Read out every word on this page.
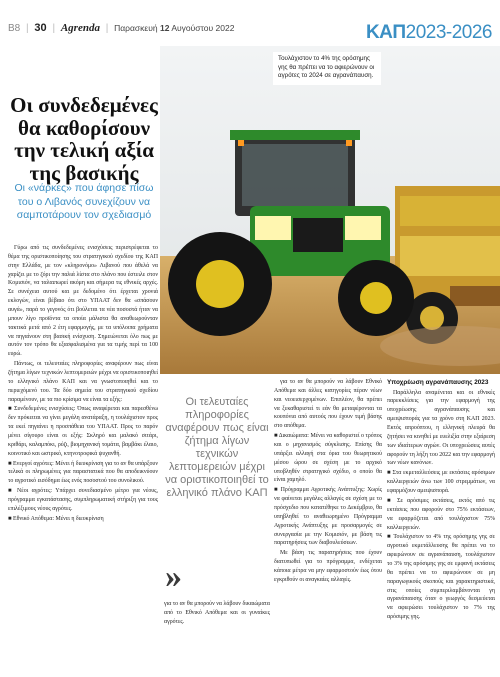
B8 | 30 | Agrenda | Παρασκευή 12 Αυγούστου 2022	ΚΑΠ2023-2026
Τουλάχιστον το 4% της ορόσημης γης θα πρέπει να το αφιερώνουν οι αγρότες το 2024 σε αγρανάπαυση.
Οι συνδεδεμένες θα καθορίσουν την τελική αξία της βασικής
Οι «νάρκες» που άφησε πίσω του ο Λιβανός συνεχίζουν να σαμποτάρουν τον σχεδιασμό

Γύρω από τις συνδεδεμένες ενισχύσεις περιστρέφεται το θέμα της οριστικοποίησης του στρατηγικού σχεδίου της ΚΑΠ στην Ελλάδα, με τον «κληρονόμο» Λιβανού που άθελά να χαρίζει με το ζόρι την παλιά λίστα στο πλάνο που έστειλε στον Κομισιόν, να ταλαιπωρεί ακόμη και σήμερα τις εθνικές αρχές. Σε συνέχεια αυτού και με δεδομένο ότι έρχεται χρονιά εκλογών, είναι βέβαιο ότι στο ΥΠΑΑΤ δεν θα «σπάσουν αυγά», παρά το γεγονός ότι βούλεται τα νέα ποσοστά ήταν να μπουν λίγο προϊόντα τα οποία μάλιστα θα αναθεωρούνταν τακτικά μετά από 2 έτη εφαρμογής, με τα υπόλοιπα χρήματα να πηγαίνουν στη βασική ενίσχυση. Σημειώνεται όλο πως με αυτόν τον τρόπο θα εξασφαλισμένα για τα τιμής περί τα 100 ευρώ.

Πάντως, οι τελευταίες πληροφορίες αναφέρουν πως είναι ζήτημα λίγων τεχνικών λεπτομερειών μέχρι να οριστικοποιηθεί το ελληνικό πλάνο ΚΑΠ και να γνωστοποιηθεί και το περιεχόμενό του. Τα δύο σημεία του στρατηγικού σχεδίου παραμένουν, με τα πιο κρίσιμα να είναι τα εξής:

■ Συνδεδεμένες ενισχύσεις: Όπως αναφέρεται και παρεσθένω δεν πρόκειται να γίνει μεγάλη ανατάραξη, η τουλάχιστον προς τα εκεί πηγαίνει η προσπάθεια του ΥΠΑΑΤ. Προς το παρόν μένει σίγουρο είναι οι εξής: Σκληρό και μαλακό σιτάρι, κριθάρι, καλαμπόκι, ρύζι, βιομηχανική τομάτα, βαμβάκι έλαιο, κοινοτικό και ωστρικό, κτηνοτροφικά ψυχανθή.

■ Ενεργοί αγρότες: Μένει ή διευκρίνιση για το αν θα υπάρξουν τελικά οι πληρωμένες για παραστατικά που θα αποδεικνύουν το αγροτικό εισόδημα έως ενός ποσοστού του συνολικού.

■ Νέοι αγρότες: Υπάρχει συνεδιασμένο μέτρο για νέους, πρόγραμμα εγκατάστασης, συμπληρωματική στήριξη για τους επιλέξιμους νέους αγρότες.

■ Εθνικό Απόθεμα: Μένει η διευκρίνιση

Οι τελευταίες πληροφορίες αναφέρουν πως είναι ζήτημα λίγων τεχνικών λεπτομερειών μέχρι να οριστικοποιηθεί το ελληνικό πλάνο ΚΑΠ
»

για το αν θα μπορούν να λάβουν δικαιώματα από το Εθνικό Απόθεμα και οι γυναίκες αγρότες.

για το αν θα μπορούν να λάβουν Εθνικό Απόθεμα και άλλες κατηγορίες πέραν νέων και νεοεισερχομένων. Επιπλέον, θα πρέπει να ξεκαθαριστεί τι εάν θα μεταφέρονται τα κουπόνια από αυτούς που έχουν τιμή βάσης στο απόθεμα.

■ Δικαιώματα: Μένει να καθοριστεί ο τρόπος και ο μηχανισμός σύγκλισης. Επίσης θα υπάρξει αλλαγή στα όρια του θεωρητικού μέσου ώρου σε σχέση με το αρχικό υποβληθέν στρατηγικό σχέδιο, ο οποίο θα είναι χαμηλό.

■ Πρόγραμμα Αγροτικής Ανάπτυξης: Χωρίς να φαίνεται μεγάλες αλλαγές σε σχέση με το πρόσχεδιο που κατατέθηκε το Δεκέμβριο, θα υπηβληθεί το αναθεωρημένο Πρόγραμμα Αγροτικής Ανάπτυξης με προσαρμογές σε συνεργασία με την Κομισιόν, με βάση τις παρατηρήσεις των διαβουλεύσεων.

Με βάση τις παρατηρήσεις που έχουν διατυπωθεί για το πρόγραμμα, ενδέχεται κάποια μέτρα να μην εφαρμοστούν έως ότου εγκριθούν οι αναγκαίες αλλαγές.

Υποχρέωση αγρανάπαυσης 2023

Παράλληλα αναμένεται και οι εθνικές παρεκκλίσεις για την εφαρμογή της υποχρέωσης αγρανάπαυσης και αμειψισποράς για τα χρόνο στη ΚΑΠ 2023. Εκτός απροόπτου, η ελληνική πλευρά θα ζητήσει να κινηθεί με ευελιξία στην εξαίρεση των ιδιαίτερων αγρών. Οι υποχρεώσεις αυτές αφορούν τη λήξη του 2022 και την εφαρμογή των νέων κανόνων.

■ Στα εκμεταλλεύσεις με εκτάσεις αρόσιμων καλλιεργειών άνω των 100 στρεμμάτων, να εφαρμόζουν αμειψισπορά.

■ Σε αρόσιμες εκτάσεις, εκτός από τις εκτάσεις που αφορούν στο 75% εκτάσεων, να εφαρμόζεται από τουλάχιστον 75% καλλιεργειών.

■ Τουλάχιστον το 4% της ορόσημης γης σε αγροτικό εκμετάλλευσης θα πρέπει να το αφιερώνουν σε αγρανάπαυση, τουλάχιστον το 3% της αρόσιμης γης σε εμφανή εκτάσεις θα πρέπει να το αφιερώνουν σε μη παραγωγικούς σκοπούς και χαρακτηριστικά, στις οποίες συμπεριλαμβάνονται γη αγρανάπαυσης όταν ο γεωργός δεσμεύεται να αφιερώσει τουλάχιστον το 7% της αρόσιμης γης.
